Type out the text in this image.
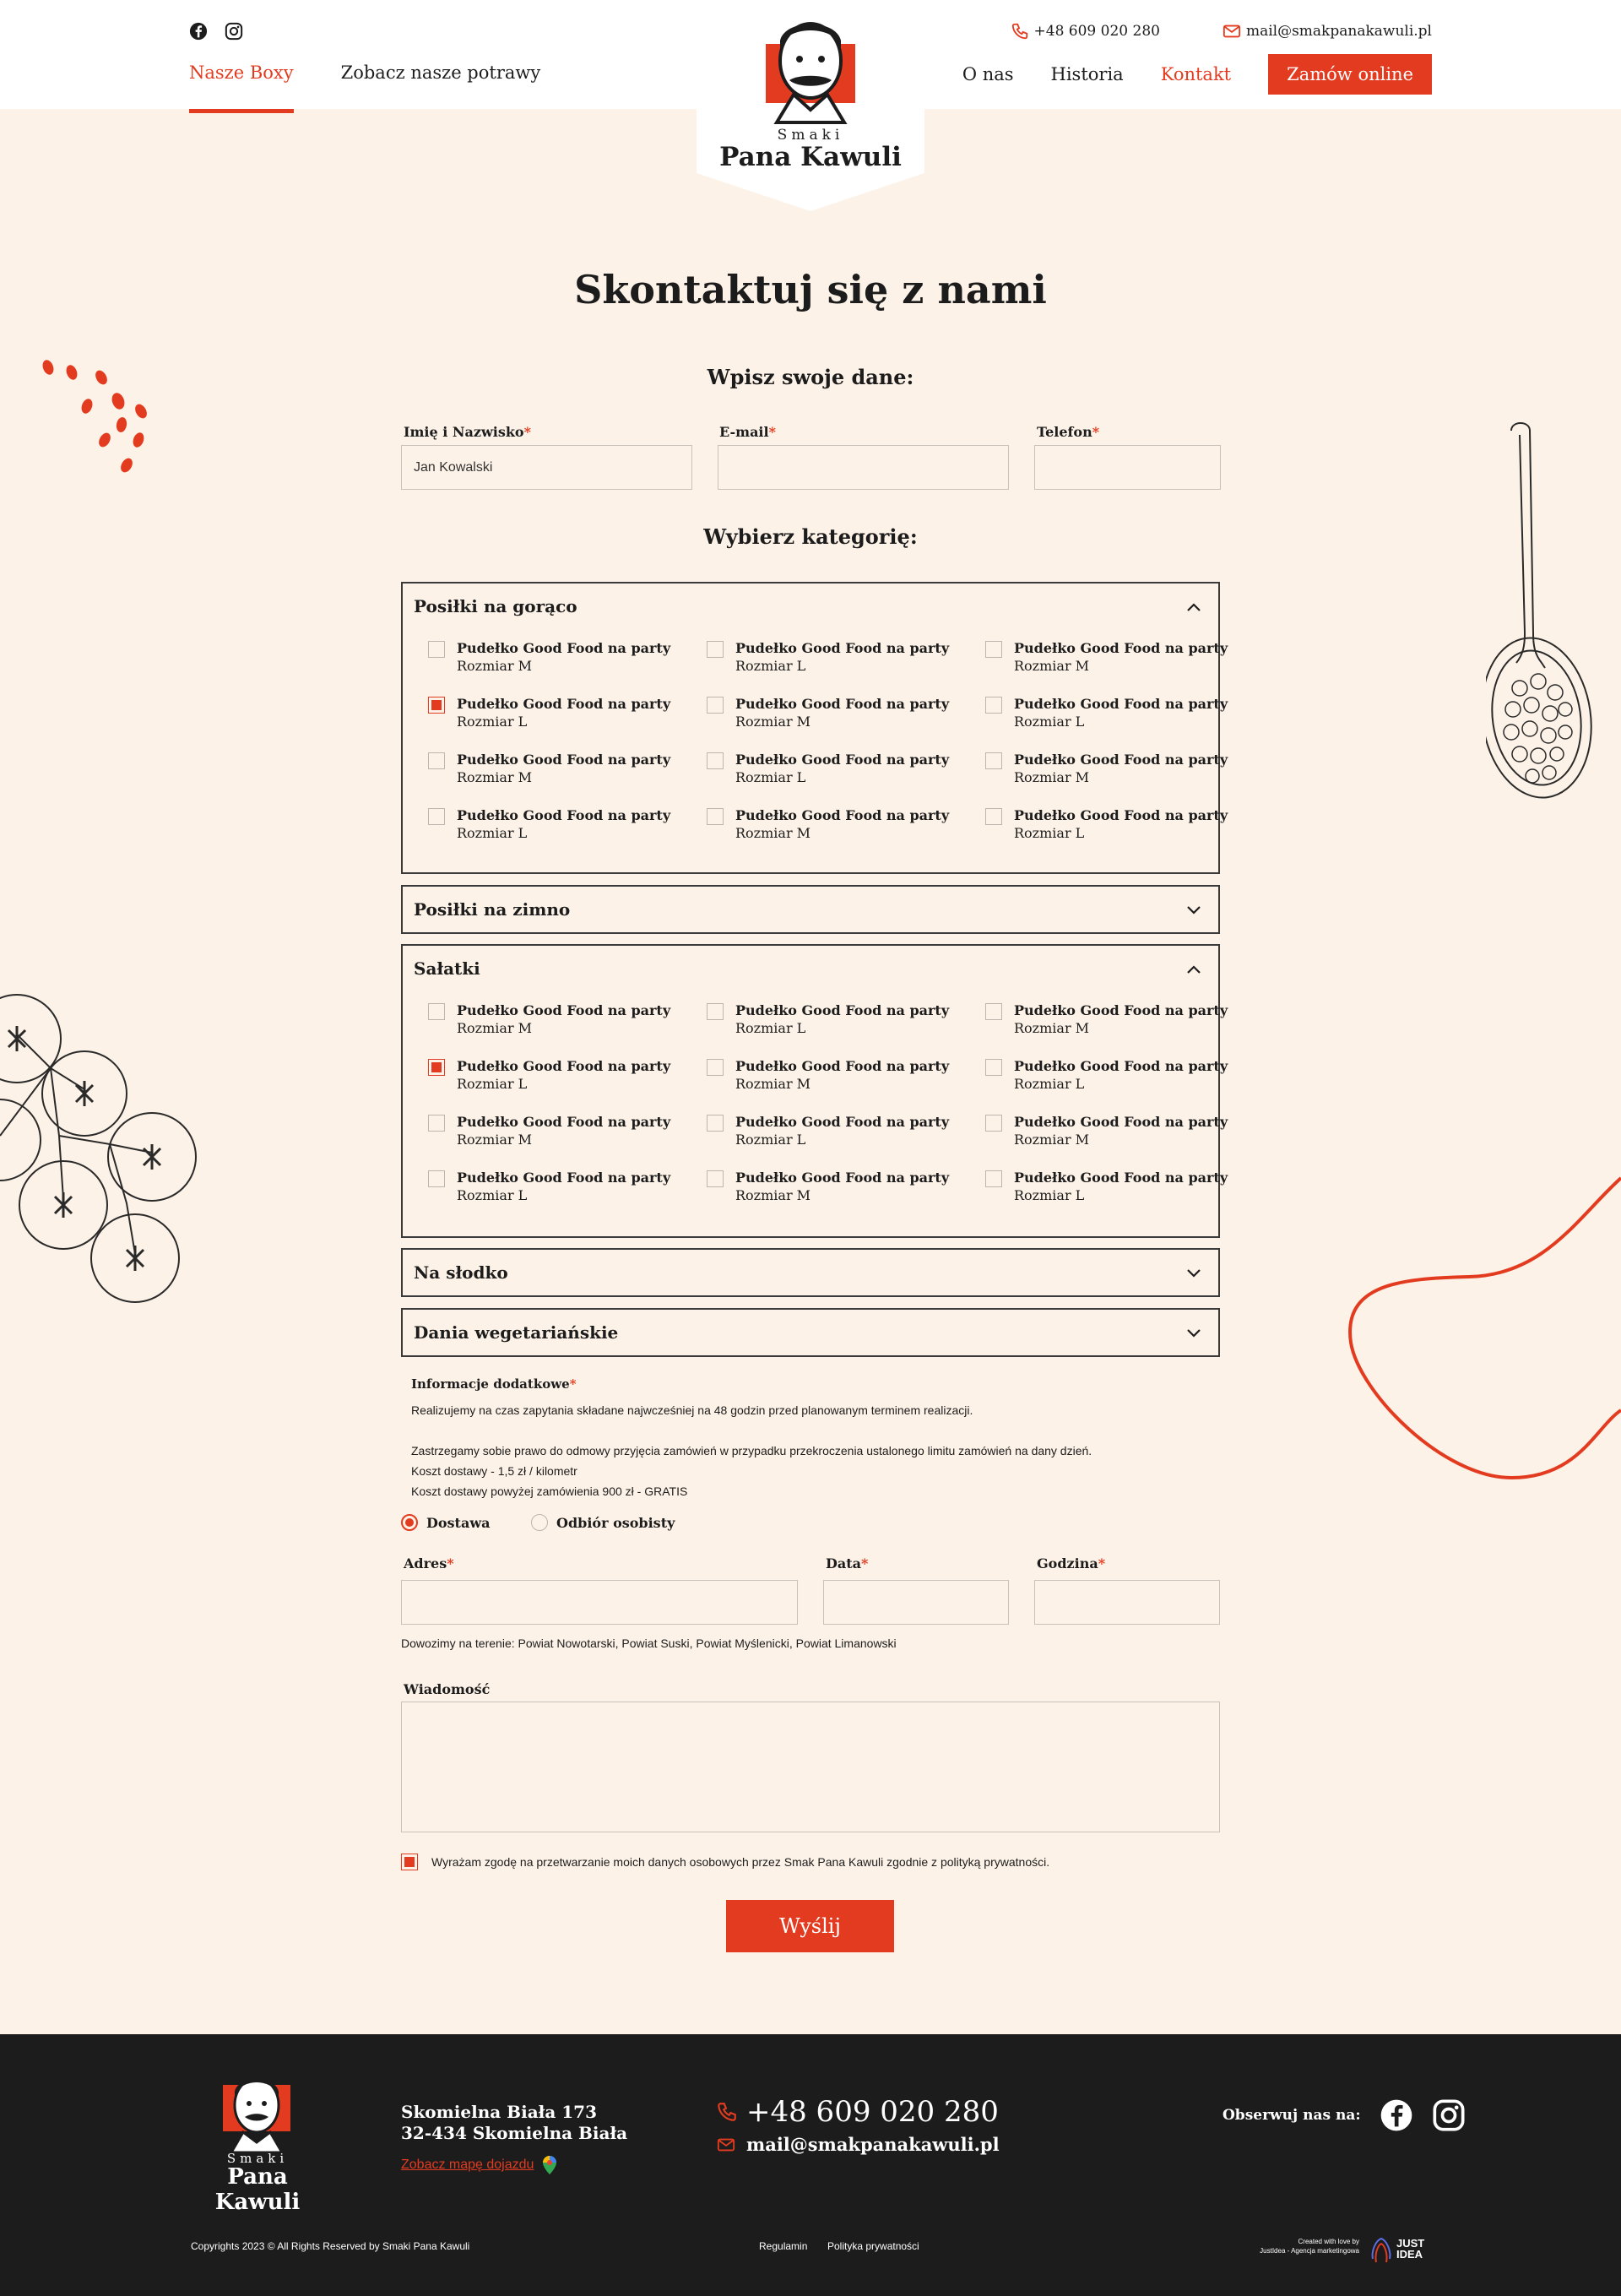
Nasze Boxy	Zobacz nasze potrawy
+48 609 020 280	mail@smakpanakawuli.pl
O nas Historia Kontakt	Zamów online
Smaki
Pana Kawuli
Skontaktuj się z nami
Wpisz swoje dane:
Imię i Nazwisko*
Jan Kowalski	E-mail*	Telefon*
Wybierz kategorię:
Posiłki na gorąco
Pudełko Good Food na party
Rozmiar M
Pudełko Good Food na party
Rozmiar L
Pudełko Good Food na party
Rozmiar M
Pudełko Good Food na party
Rozmiar L
Pudełko Good Food na party
Rozmiar M
Pudełko Good Food na party
Rozmiar L
Pudełko Good Food na party
Rozmiar M
Pudełko Good Food na party
Rozmiar L
Pudełko Good Food na party
Rozmiar M
Pudełko Good Food na party
Rozmiar L
Pudełko Good Food na party
Rozmiar M
Pudełko Good Food na party
Rozmiar L
Posiłki na zimno
Sałatki
Pudełko Good Food na party
Rozmiar M
Pudełko Good Food na party
Rozmiar L
Pudełko Good Food na party
Rozmiar M
Pudełko Good Food na party
Rozmiar L
Pudełko Good Food na party
Rozmiar M
Pudełko Good Food na party
Rozmiar L
Pudełko Good Food na party
Rozmiar M
Pudełko Good Food na party
Rozmiar L
Pudełko Good Food na party
Rozmiar M
Pudełko Good Food na party
Rozmiar L
Pudełko Good Food na party
Rozmiar M
Pudełko Good Food na party
Rozmiar L
Na słodko
Dania wegetariańskie
Informacje dodatkowe*
Realizujemy na czas zapytania składane najwcześniej na 48 godzin przed planowanym terminem realizacji.
Zastrzegamy sobie prawo do odmowy przyjęcia zamówień w przypadku przekroczenia ustalonego limitu zamówień na dany dzień.
Koszt dostawy - 1,5 zł / kilometr
Koszt dostawy powyżej zamówienia 900 zł - GRATIS
Dostawa	Odbiór osobisty
Adres*	Data*	Godzina*
Dowozimy na terenie: Powiat Nowotarski, Powiat Suski, Powiat Myślenicki, Powiat Limanowski
Wiadomość
Wyrażam zgodę na przetwarzanie moich danych osobowych przez Smak Pana Kawuli zgodnie z polityką prywatności.
Wyślij
Smaki
Pana Kawuli
Skomielna Biała 173
32-434 Skomielna Biała
Zobacz mapę dojazdu
+48 609 020 280
mail@smakpanakawuli.pl
Obserwuj nas na:
Copyrights 2023 © All Rights Reserved by Smaki Pana Kawuli	Regulamin Polityka prywatności	Created with love by
JustIdea - Agencja marketingowa
JUST
IDEA
